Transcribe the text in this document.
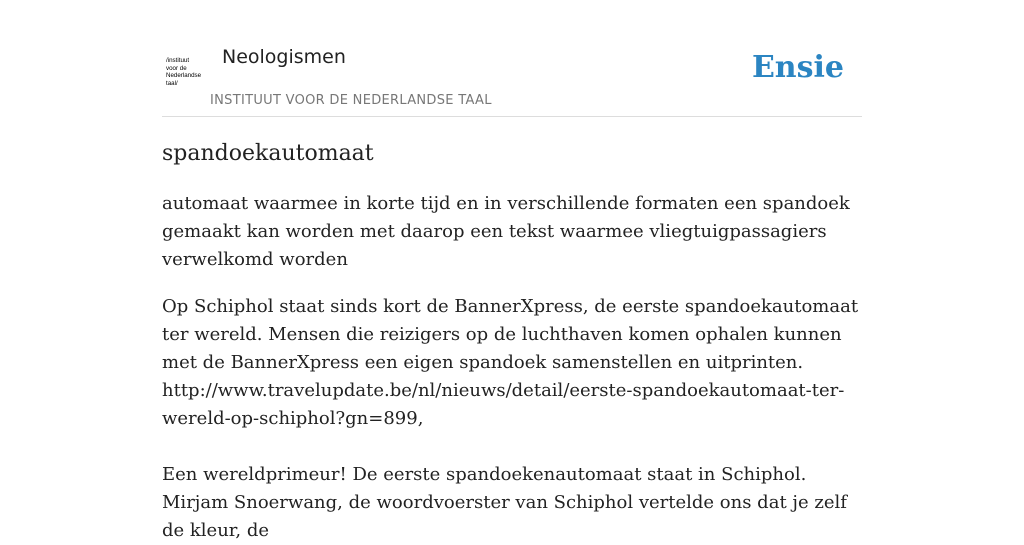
/instituut
voor de
Nederlandse
taal/
Neologismen
INSTITUUT VOOR DE NEDERLANDSE TAAL
Ensie
spandoekautomaat

automaat waarmee in korte tijd en in verschillende formaten een spandoek gemaakt kan worden met daarop een tekst waarmee vliegtuigpassagiers verwelkomd worden

Op Schiphol staat sinds kort de BannerXpress, de eerste spandoekautomaat ter wereld. Mensen die reizigers op de luchthaven komen ophalen kunnen met de BannerXpress een eigen spandoek samenstellen en uitprinten.

http://www.travelupdate.be/nl/nieuws/detail/eerste-spandoekautomaat-ter-wereld-op-schiphol?gn=899,

Een wereldprimeur! De eerste spandoekenautomaat staat in Schiphol. Mirjam Snoerwang, de woordvoerster van Schiphol vertelde ons dat je zelf de kleur, de
